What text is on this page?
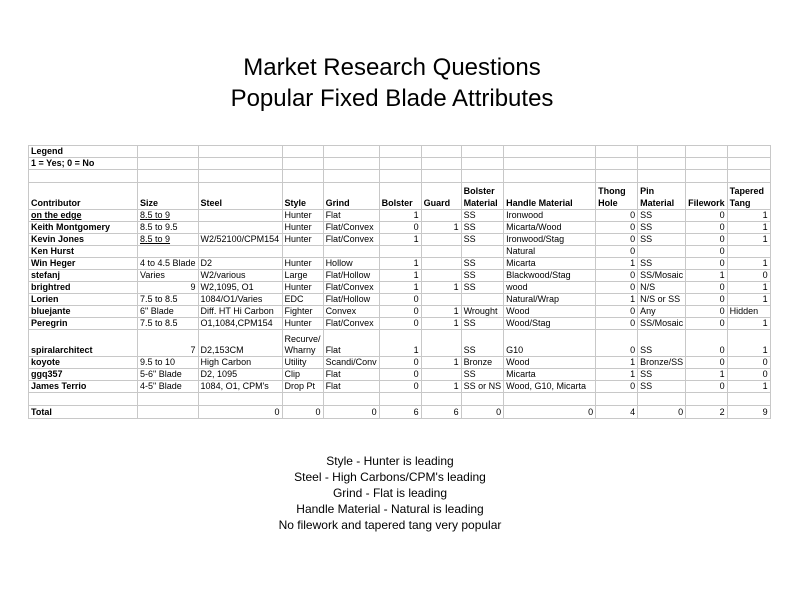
Market Research Questions
Popular Fixed Blade Attributes
Legend												
1 = Yes; 0 = No												

Contributor	Size	Steel	Style	Grind	Bolster	Guard	Bolster Material	Handle Material	Thong Hole	Pin Material	Filework	Tapered Tang
on the edge	8.5 to 9		Hunter	Flat	1		SS	Ironwood	0	SS	0	1
Keith Montgomery	8.5 to 9.5		Hunter	Flat/Convex	0	1	SS	Micarta/Wood	0	SS	0	1
Kevin Jones	8.5 to 9	W2/52100/CPM154	Hunter	Flat/Convex	1		SS	Ironwood/Stag	0	SS	0	1
Ken Hurst								Natural	0		0	
Win Heger	4 to 4.5 Blade	D2	Hunter	Hollow	1		SS	Micarta	1	SS	0	1
stefanj	Varies	W2/various	Large	Flat/Hollow	1		SS	Blackwood/Stag	0	SS/Mosaic	1	0
brightred	9	W2,1095, O1	Hunter	Flat/Convex	1	1	SS	wood	0	N/S	0	1
Lorien	7.5 to 8.5	1084/O1/Varies	EDC	Flat/Hollow	0			Natural/Wrap	1	N/S or SS	0	1
bluejante	6" Blade	Diff. HT Hi Carbon	Fighter	Convex	0	1	Wrought	Wood	0	Any	0	Hidden
Peregrin	7.5 to 8.5	O1,1084,CPM154	Hunter	Flat/Convex	0	1	SS	Wood/Stag	0	SS/Mosaic	0	1
spiralarchitect	7	D2,153CM	Recurve/ Wharny	Flat	1		SS	G10	0	SS	0	1
koyote	9.5 to 10	High Carbon	Utility	Scandi/Conv	0	1	Bronze	Wood	1	Bronze/SS	0	0
ggq357	5-6" Blade	D2, 1095	Clip	Flat	0		SS	Micarta	1	SS	1	0
James Terrio	4-5" Blade	1084, O1, CPM's	Drop Pt	Flat	0	1	SS or NS	Wood, G10, Micarta	0	SS	0	1

Total		0	0	0	6	6	0	0	4	0	2	9
Style - Hunter is leading
Steel - High Carbons/CPM's leading
Grind - Flat is leading
Handle Material - Natural is leading
No filework and tapered tang very popular
